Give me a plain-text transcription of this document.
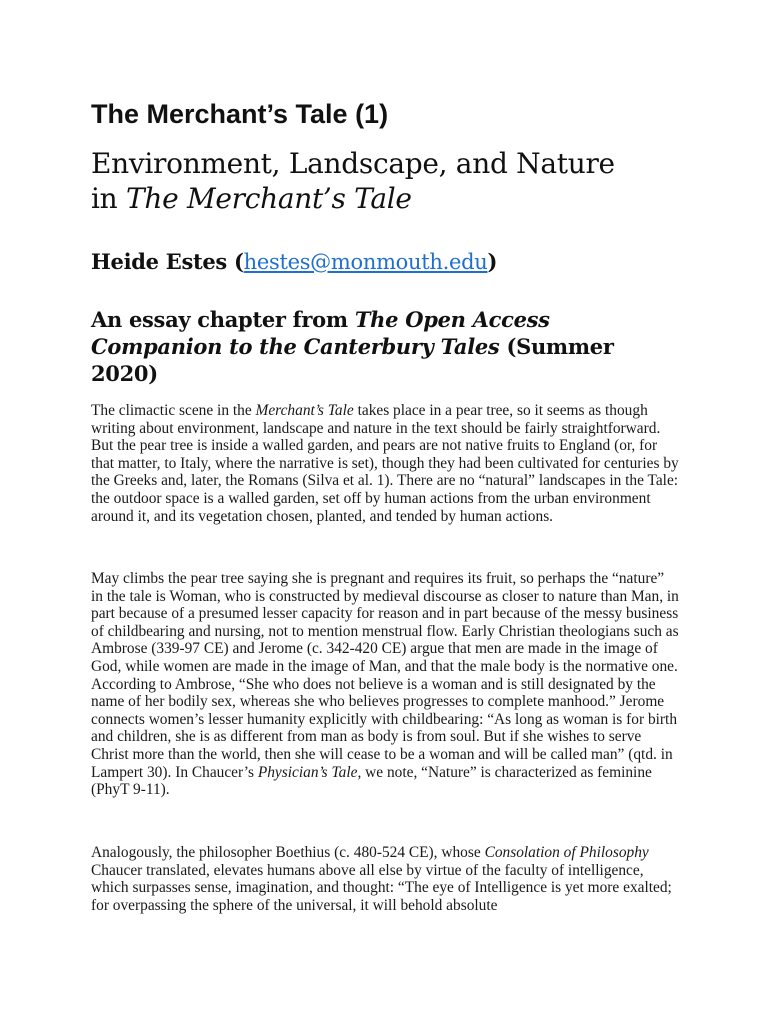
The Merchant’s Tale (1)
Environment, Landscape, and Nature
in The Merchant’s Tale
Heide Estes (hestes@monmouth.edu)
An essay chapter from The Open Access Companion to the Canterbury Tales (Summer 2020)

The climactic scene in the Merchant’s Tale takes place in a pear tree, so it seems as though writing about environment, landscape and nature in the text should be fairly straightforward. But the pear tree is inside a walled garden, and pears are not native fruits to England (or, for that matter, to Italy, where the narrative is set), though they had been cultivated for centuries by the Greeks and, later, the Romans (Silva et al. 1). There are no “natural” landscapes in the Tale: the outdoor space is a walled garden, set off by human actions from the urban environment around it, and its vegetation chosen, planted, and tended by human actions.

May climbs the pear tree saying she is pregnant and requires its fruit, so perhaps the “nature” in the tale is Woman, who is constructed by medieval discourse as closer to nature than Man, in part because of a presumed lesser capacity for reason and in part because of the messy business of childbearing and nursing, not to mention menstrual flow. Early Christian theologians such as Ambrose (339-97 CE) and Jerome (c. 342-420 CE) argue that men are made in the image of God, while women are made in the image of Man, and that the male body is the normative one. According to Ambrose, “She who does not believe is a woman and is still designated by the name of her bodily sex, whereas she who believes progresses to complete manhood.” Jerome connects women’s lesser humanity explicitly with childbearing: “As long as woman is for birth and children, she is as different from man as body is from soul. But if she wishes to serve Christ more than the world, then she will cease to be a woman and will be called man” (qtd. in Lampert 30). In Chaucer’s Physician’s Tale, we note, “Nature” is characterized as feminine (PhyT 9-11).

Analogously, the philosopher Boethius (c. 480-524 CE), whose Consolation of Philosophy Chaucer translated, elevates humans above all else by virtue of the faculty of intelligence, which surpasses sense, imagination, and thought: “The eye of Intelligence is yet more exalted; for overpassing the sphere of the universal, it will behold absolute
